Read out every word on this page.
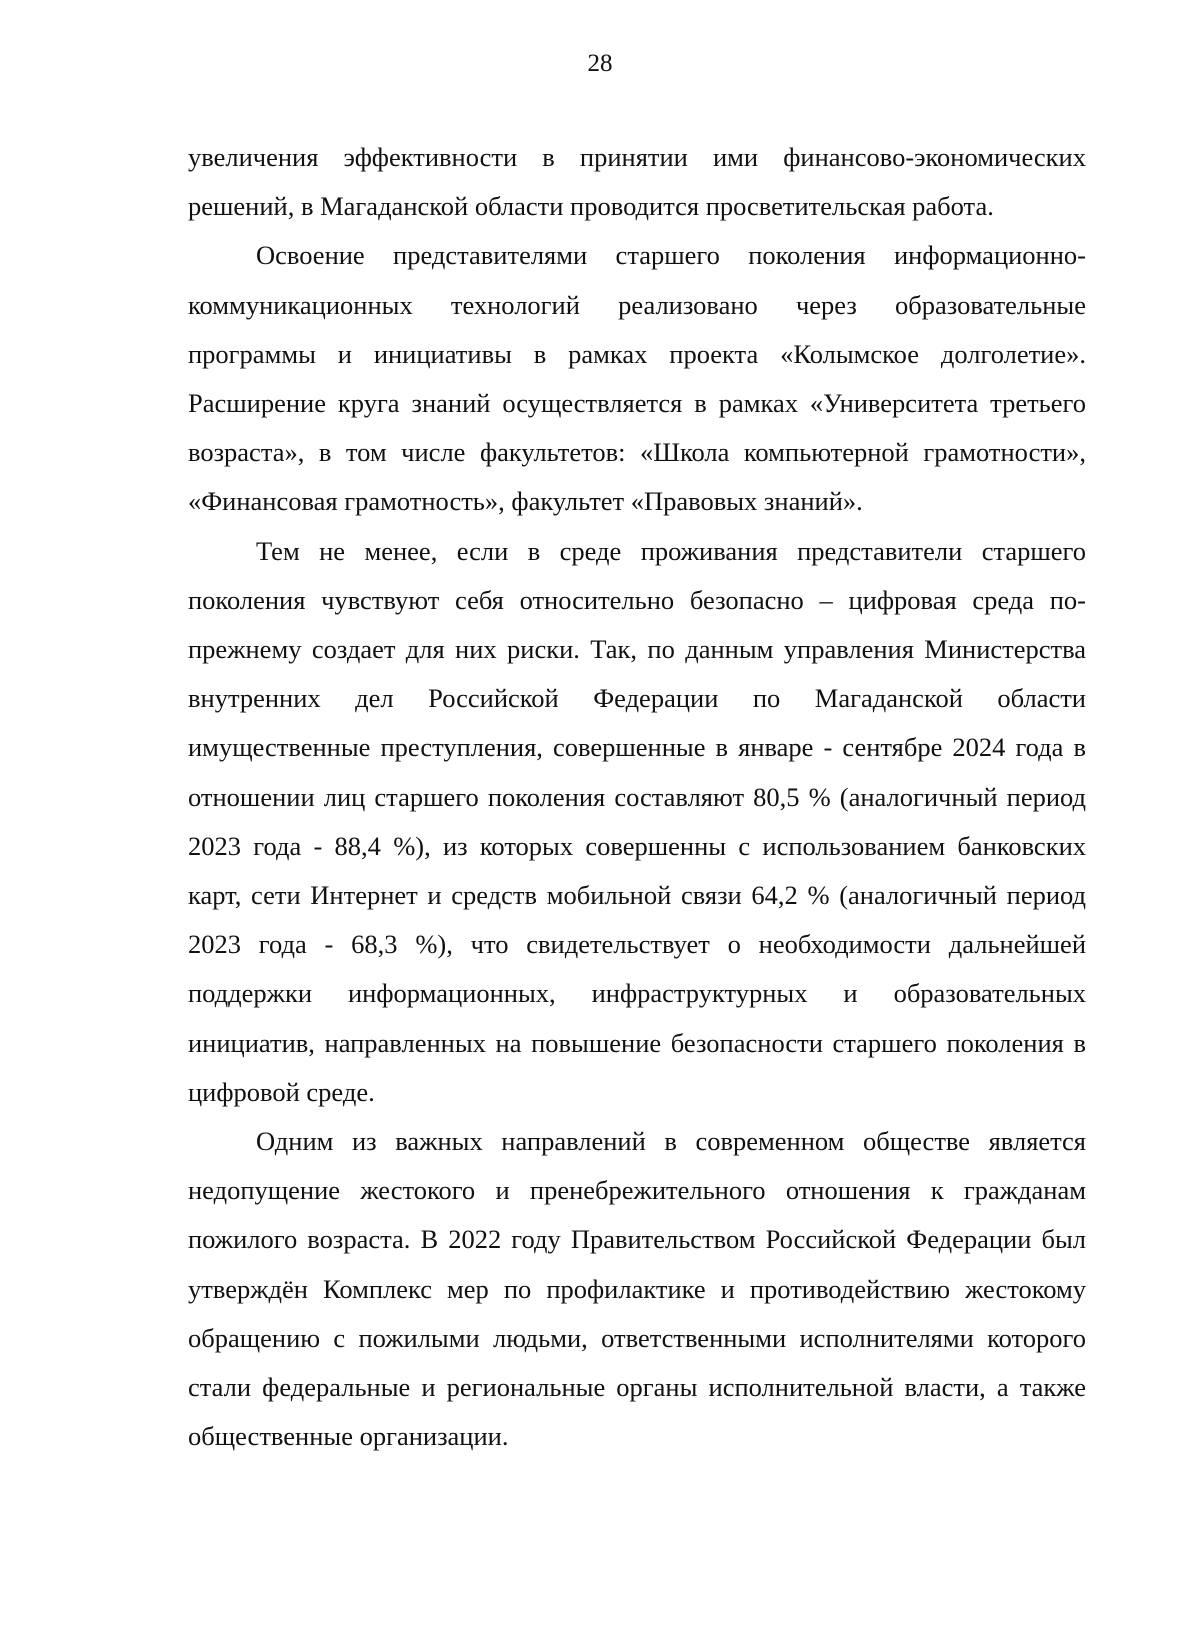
28

увеличения эффективности в принятии ими финансово-экономических решений, в Магаданской области проводится просветительская работа.

Освоение представителями старшего поколения информационно-коммуникационных технологий реализовано через образовательные программы и инициативы в рамках проекта «Колымское долголетие». Расширение круга знаний осуществляется в рамках «Университета третьего возраста», в том числе факультетов: «Школа компьютерной грамотности», «Финансовая грамотность», факультет «Правовых знаний».

Тем не менее, если в среде проживания представители старшего поколения чувствуют себя относительно безопасно – цифровая среда по-прежнему создает для них риски. Так, по данным управления Министерства внутренних дел Российской Федерации по Магаданской области имущественные преступления, совершенные в январе - сентябре 2024 года в отношении лиц старшего поколения составляют 80,5 % (аналогичный период 2023 года - 88,4 %), из которых совершенны с использованием банковских карт, сети Интернет и средств мобильной связи 64,2 % (аналогичный период 2023 года - 68,3 %), что свидетельствует о необходимости дальнейшей поддержки информационных, инфраструктурных и образовательных инициатив, направленных на повышение безопасности старшего поколения в цифровой среде.

Одним из важных направлений в современном обществе является недопущение жестокого и пренебрежительного отношения к гражданам пожилого возраста. В 2022 году Правительством Российской Федерации был утверждён Комплекс мер по профилактике и противодействию жестокому обращению с пожилыми людьми, ответственными исполнителями которого стали федеральные и региональные органы исполнительной власти, а также общественные организации.
